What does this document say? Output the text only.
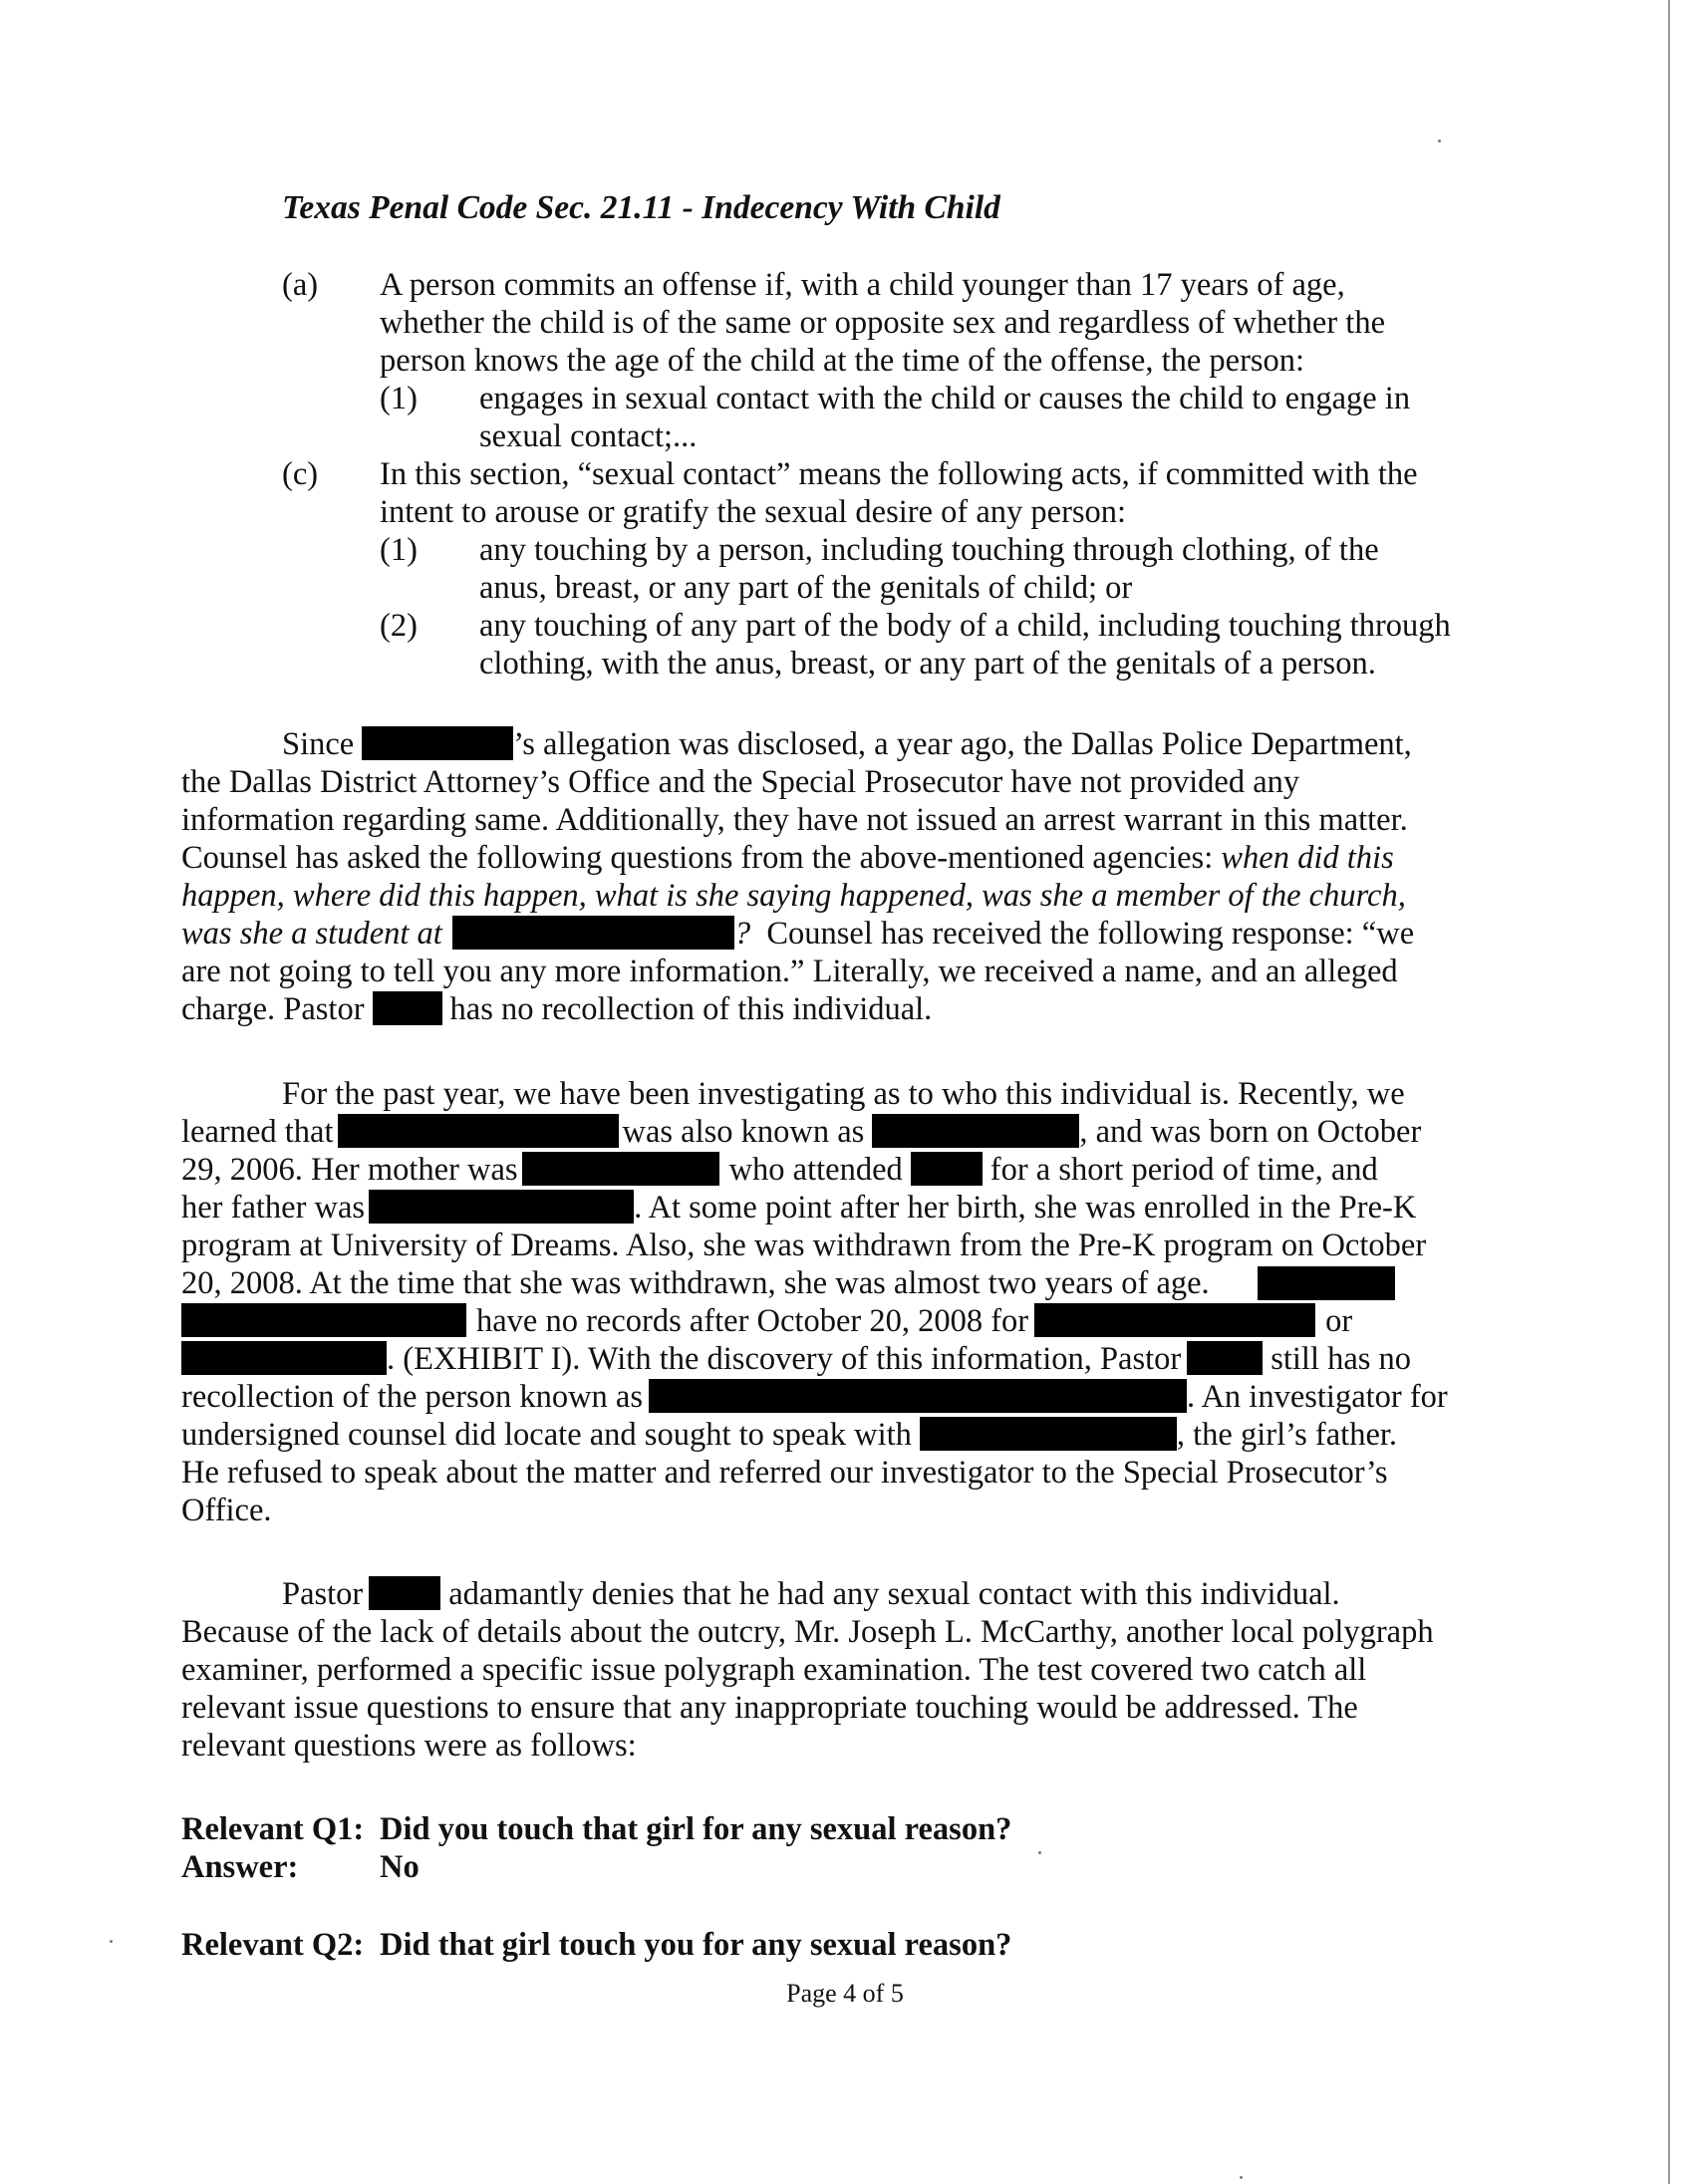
Texas Penal Code Sec. 21.11 - Indecency With Child
(a) A person commits an offense if, with a child younger than 17 years of age,
whether the child is of the same or opposite sex and regardless of whether the
person knows the age of the child at the time of the offense, the person:
(1) engages in sexual contact with the child or causes the child to engage in
sexual contact;...
(c) In this section, “sexual contact” means the following acts, if committed with the
intent to arouse or gratify the sexual desire of any person:
(1) any touching by a person, including touching through clothing, of the
anus, breast, or any part of the genitals of child; or
(2) any touching of any part of the body of a child, including touching through
clothing, with the anus, breast, or any part of the genitals of a person.
Since	’s allegation was disclosed, a year ago, the Dallas Police Department,
the Dallas District Attorney’s Office and the Special Prosecutor have not provided any
information regarding same. Additionally, they have not issued an arrest warrant in this matter.
Counsel has asked the following questions from the above-mentioned agencies: when did this
happen, where did this happen, what is she saying happened, was she a member of the church,
was she a student at	? Counsel has received the following response: “we
are not going to tell you any more information.” Literally, we received a name, and an alleged
charge. Pastor	has no recollection of this individual.
For the past year, we have been investigating as to who this individual is. Recently, we
learned that	was also known as	, and was born on October
29, 2006. Her mother was	who attended	for a short period of time, and
her father was	. At some point after her birth, she was enrolled in the Pre-K
program at University of Dreams. Also, she was withdrawn from the Pre-K program on October
20, 2008. At the time that she was withdrawn, she was almost two years of age.
have no records after October 20, 2008 for	or
. (EXHIBIT I). With the discovery of this information, Pastor	still has no
recollection of the person known as	. An investigator for
undersigned counsel did locate and sought to speak with	, the girl’s father.
He refused to speak about the matter and referred our investigator to the Special Prosecutor’s
Office.
Pastor	adamantly denies that he had any sexual contact with this individual.
Because of the lack of details about the outcry, Mr. Joseph L. McCarthy, another local polygraph
examiner, performed a specific issue polygraph examination. The test covered two catch all
relevant issue questions to ensure that any inappropriate touching would be addressed. The
relevant questions were as follows:
Relevant Q1: Did you touch that girl for any sexual reason?
Answer:	No
Relevant Q2: Did that girl touch you for any sexual reason?
Page 4 of 5
